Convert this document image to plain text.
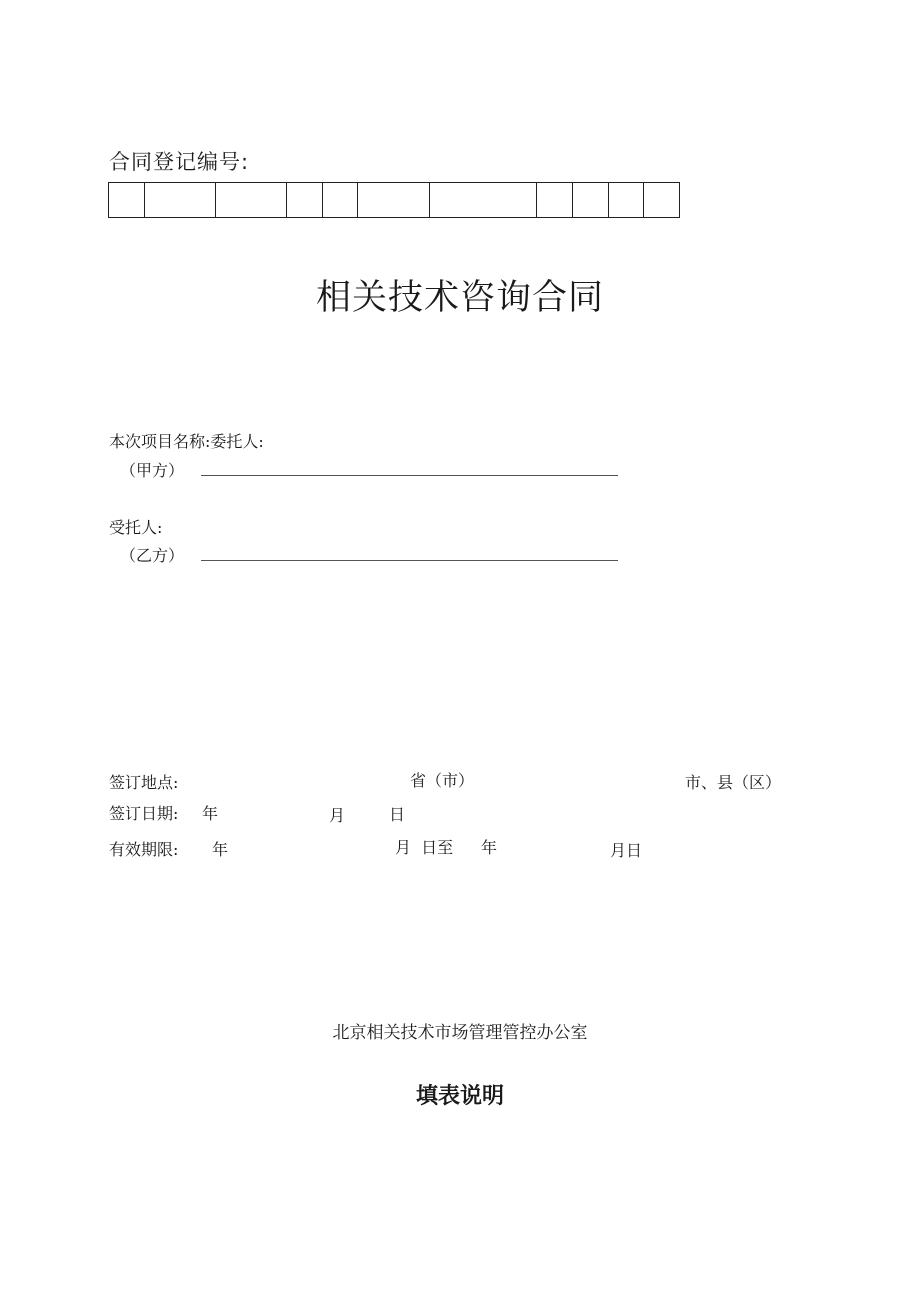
合同登记编号:

相关技术咨询合同
本次项目名称:委托人:
（甲方）
受托人:
（乙方）
签订地点:	省（市）	市、县（区）
签订日期: 年	月	日
有效期限: 年	月  日至 年	月日
北京相关技术市场管理管控办公室
填表说明
